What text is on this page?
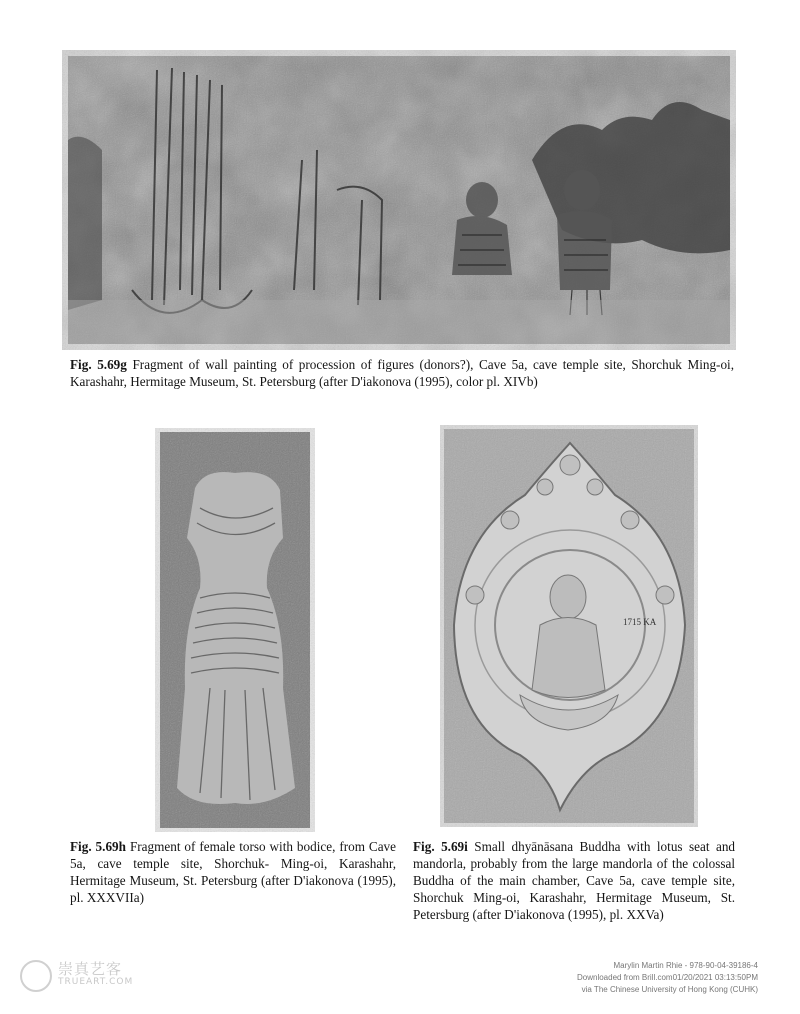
Fig. 5.69g Fragment of wall painting of procession of figures (donors?), Cave 5a, cave temple site, Shorchuk Ming-oi, Karashahr, Hermitage Museum, St. Petersburg (after D'iakonova (1995), color pl. XIVb)
Fig. 5.69h Fragment of female torso with bodice, from Cave 5a, cave temple site, Shorchuk- Ming-oi, Karashahr, Hermitage Museum, St. Petersburg (after D'iakonova (1995), pl. XXXVIIa)
1715 KA
Fig. 5.69i Small dhyānāsana Buddha with lotus seat and mandorla, probably from the large mandorla of the colossal Buddha of the main chamber, Cave 5a, cave temple site, Shorchuk Ming-oi, Karashahr, Hermitage Museum, St. Petersburg (after D'iakonova (1995), pl. XXVa)
崇真艺客
TRUEART.COM
Marylin Martin Rhie - 978-90-04-39186-4
Downloaded from Brill.com01/20/2021 03:13:50PM
via The Chinese University of Hong Kong (CUHK)
